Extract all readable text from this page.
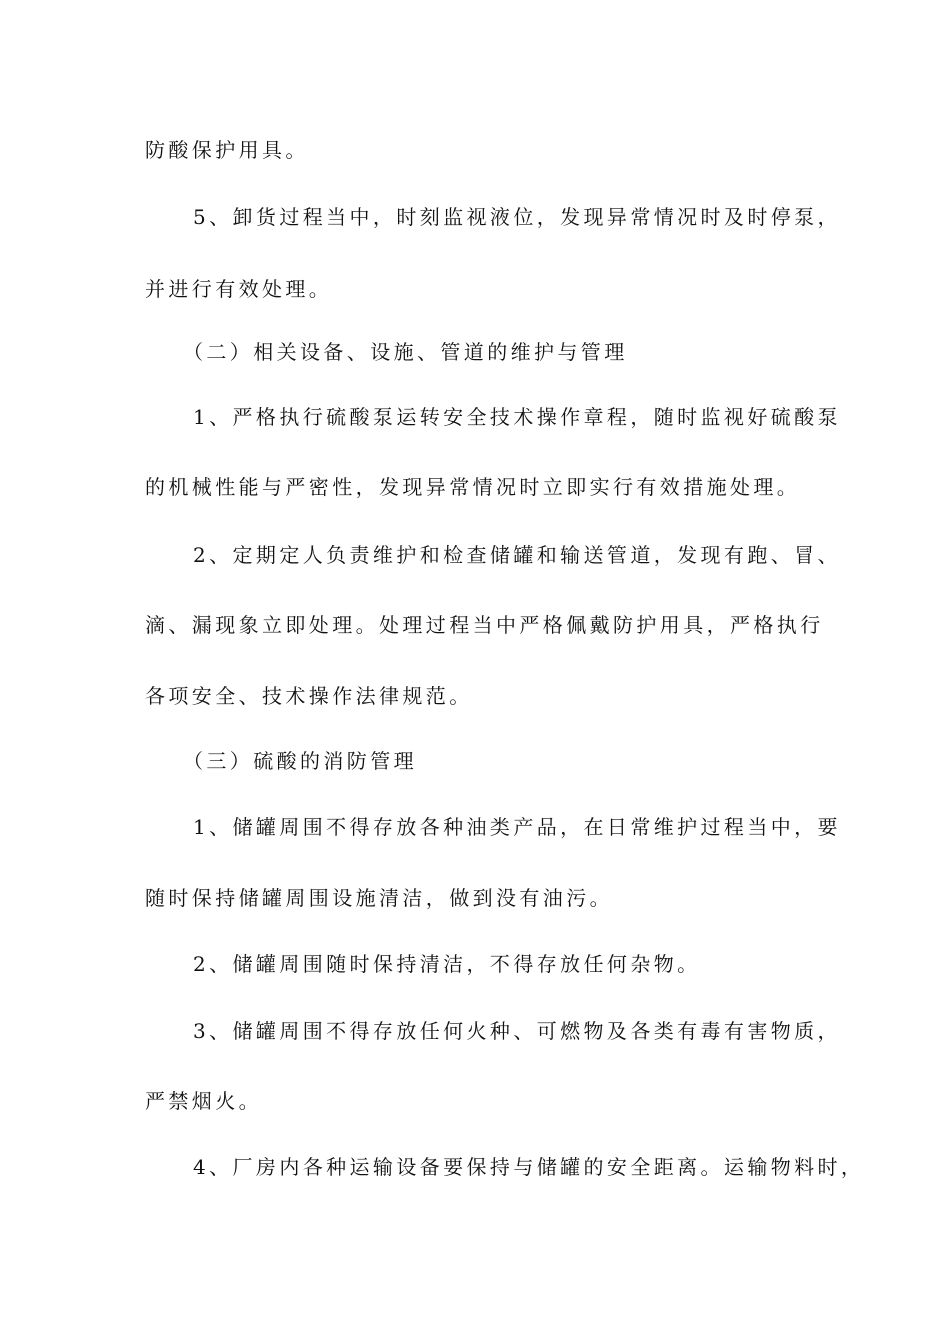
防酸保护用具。
5、卸货过程当中，时刻监视液位，发现异常情况时及时停泵，
并进行有效处理。
（二）相关设备、设施、管道的维护与管理
1、严格执行硫酸泵运转安全技术操作章程，随时监视好硫酸泵
的机械性能与严密性，发现异常情况时立即实行有效措施处理。
2、定期定人负责维护和检查储罐和输送管道，发现有跑、冒、
滴、漏现象立即处理。处理过程当中严格佩戴防护用具，严格执行
各项安全、技术操作法律规范。
（三）硫酸的消防管理
1、储罐周围不得存放各种油类产品，在日常维护过程当中，要
随时保持储罐周围设施清洁，做到没有油污。
2、储罐周围随时保持清洁，不得存放任何杂物。
3、储罐周围不得存放任何火种、可燃物及各类有毒有害物质，
严禁烟火。
4、厂房内各种运输设备要保持与储罐的安全距离。运输物料时，
